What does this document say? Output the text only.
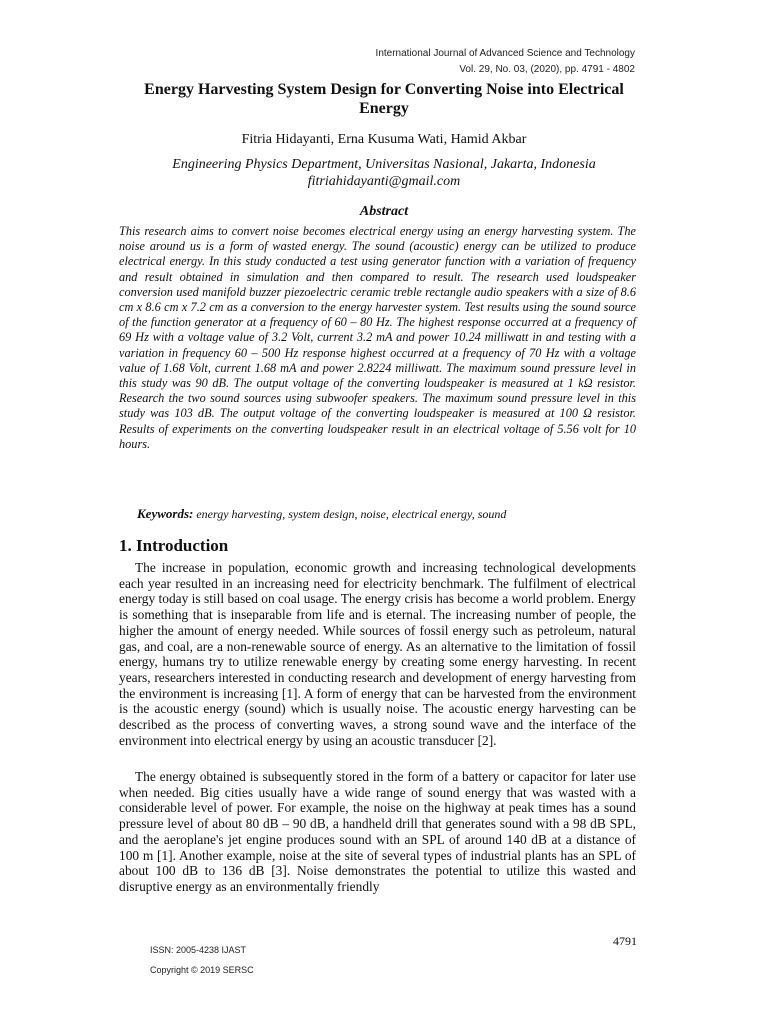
International Journal of Advanced Science and Technology
Vol. 29, No. 03, (2020), pp. 4791 - 4802
Energy Harvesting System Design for Converting Noise into Electrical Energy
Fitria Hidayanti, Erna Kusuma Wati, Hamid Akbar
Engineering Physics Department, Universitas Nasional, Jakarta, Indonesia
fitriahidayanti@gmail.com
Abstract

This research aims to convert noise becomes electrical energy using an energy harvesting system. The noise around us is a form of wasted energy. The sound (acoustic) energy can be utilized to produce electrical energy. In this study conducted a test using generator function with a variation of frequency and result obtained in simulation and then compared to result. The research used loudspeaker conversion used manifold buzzer piezoelectric ceramic treble rectangle audio speakers with a size of 8.6 cm x 8.6 cm x 7.2 cm as a conversion to the energy harvester system. Test results using the sound source of the function generator at a frequency of 60 – 80 Hz. The highest response occurred at a frequency of 69 Hz with a voltage value of 3.2 Volt, current 3.2 mA and power 10.24 milliwatt in and testing with a variation in frequency 60 – 500 Hz response highest occurred at a frequency of 70 Hz with a voltage value of 1.68 Volt, current 1.68 mA and power 2.8224 milliwatt. The maximum sound pressure level in this study was 90 dB. The output voltage of the converting loudspeaker is measured at 1 kΩ resistor. Research the two sound sources using subwoofer speakers. The maximum sound pressure level in this study was 103 dB. The output voltage of the converting loudspeaker is measured at 100 Ω resistor. Results of experiments on the converting loudspeaker result in an electrical voltage of 5.56 volt for 10 hours.

Keywords: energy harvesting, system design, noise, electrical energy, sound
1. Introduction

The increase in population, economic growth and increasing technological developments each year resulted in an increasing need for electricity benchmark. The fulfilment of electrical energy today is still based on coal usage. The energy crisis has become a world problem. Energy is something that is inseparable from life and is eternal. The increasing number of people, the higher the amount of energy needed. While sources of fossil energy such as petroleum, natural gas, and coal, are a non-renewable source of energy. As an alternative to the limitation of fossil energy, humans try to utilize renewable energy by creating some energy harvesting. In recent years, researchers interested in conducting research and development of energy harvesting from the environment is increasing [1]. A form of energy that can be harvested from the environment is the acoustic energy (sound) which is usually noise. The acoustic energy harvesting can be described as the process of converting waves, a strong sound wave and the interface of the environment into electrical energy by using an acoustic transducer [2].

The energy obtained is subsequently stored in the form of a battery or capacitor for later use when needed. Big cities usually have a wide range of sound energy that was wasted with a considerable level of power. For example, the noise on the highway at peak times has a sound pressure level of about 80 dB – 90 dB, a handheld drill that generates sound with a 98 dB SPL, and the aeroplane's jet engine produces sound with an SPL of around 140 dB at a distance of 100 m [1]. Another example, noise at the site of several types of industrial plants has an SPL of about 100 dB to 136 dB [3]. Noise demonstrates the potential to utilize this wasted and disruptive energy as an environmentally friendly

ISSN: 2005-4238 IJAST
Copyright © 2019 SERSC
4791
